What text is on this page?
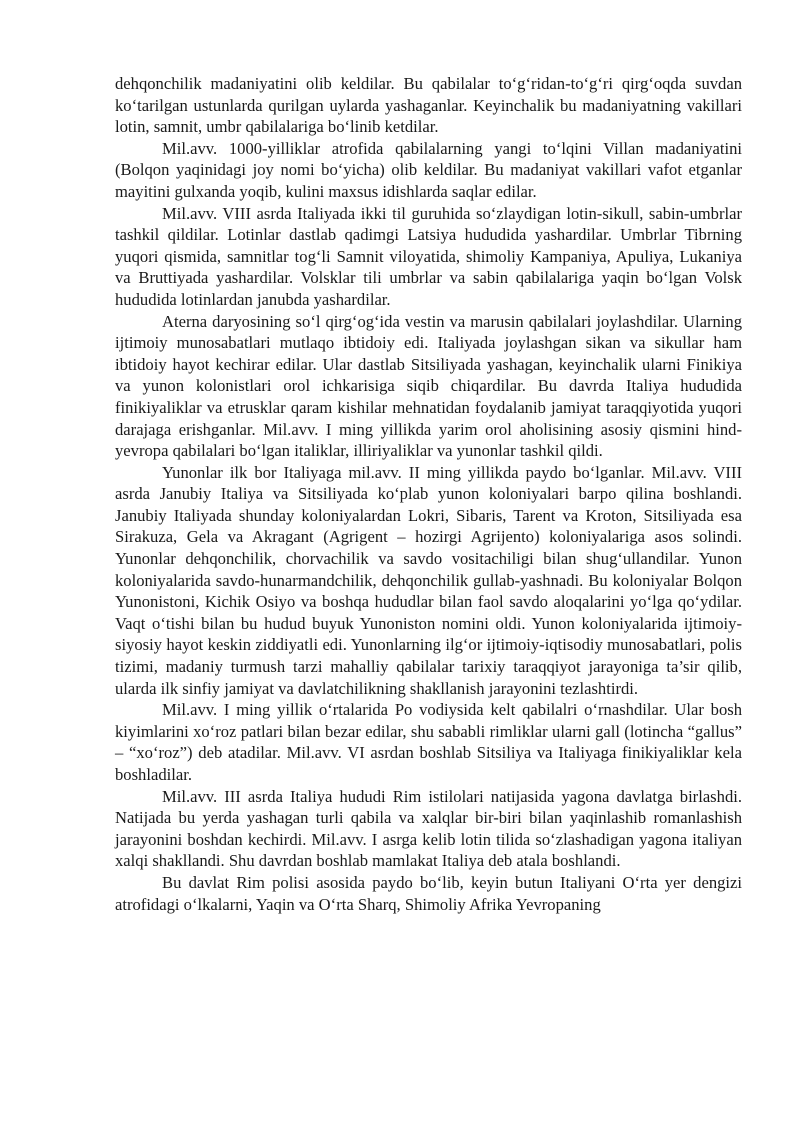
dehqonchilik madaniyatini olib keldilar. Bu qabilalar to‘g‘ridan-to‘g‘ri qirg‘oqda suvdan ko‘tarilgan ustunlarda qurilgan uylarda yashaganlar. Keyinchalik bu madaniyatning vakillari lotin, samnit, umbr qabilalariga bo‘linib ketdilar.

Mil.avv. 1000-yilliklar atrofida qabilalarning yangi to‘lqini Villan madaniyatini (Bolqon yaqinidagi joy nomi bo‘yicha) olib keldilar. Bu madaniyat vakillari vafot etganlar mayitini gulxanda yoqib, kulini maxsus idishlarda saqlar edilar.

Mil.avv. VIII asrda Italiyada ikki til guruhida so‘zlaydigan lotin-sikull, sabin-umbrlar tashkil qildilar. Lotinlar dastlab qadimgi Latsiya hududida yashardilar. Umbrlar Tibrning yuqori qismida, samnitlar tog‘li Samnit viloyatida, shimoliy Kampaniya, Apuliya, Lukaniya va Bruttiyada yashardilar. Volsklar tili umbrlar va sabin qabilalariga yaqin bo‘lgan Volsk hududida lotinlardan janubda yashardilar.

Aterna daryosining so‘l qirg‘og‘ida vestin va marusin qabilalari joylashdilar. Ularning ijtimoiy munosabatlari mutlaqo ibtidoiy edi. Italiyada joylashgan sikan va sikullar ham ibtidoiy hayot kechirar edilar. Ular dastlab Sitsiliyada yashagan, keyinchalik ularni Finikiya va yunon kolonistlari orol ichkarisiga siqib chiqardilar. Bu davrda Italiya hududida finikiyaliklar va etrusklar qaram kishilar mehnatidan foydalanib jamiyat taraqqiyotida yuqori darajaga erishganlar. Mil.avv. I ming yillikda yarim orol aholisining asosiy qismini hind-yevropa qabilalari bo‘lgan italiklar, illiriyaliklar va yunonlar tashkil qildi.

Yunonlar ilk bor Italiyaga mil.avv. II ming yillikda paydo bo‘lganlar. Mil.avv. VIII asrda Janubiy Italiya va Sitsiliyada ko‘plab yunon koloniyalari barpo qilina boshlandi. Janubiy Italiyada shunday koloniyalardan Lokri, Sibaris, Tarent va Kroton, Sitsiliyada esa Sirakuza, Gela va Akragant (Agrigent – hozirgi Agrijento) koloniyalariga asos solindi. Yunonlar dehqonchilik, chorvachilik va savdo vositachiligi bilan shug‘ullandilar. Yunon koloniyalarida savdo-hunarmandchilik, dehqonchilik gullab-yashnadi. Bu koloniyalar Bolqon Yunonistoni, Kichik Osiyo va boshqa hududlar bilan faol savdo aloqalarini yo‘lga qo‘ydilar. Vaqt o‘tishi bilan bu hudud buyuk Yunoniston nomini oldi. Yunon koloniyalarida ijtimoiy-siyosiy hayot keskin ziddiyatli edi. Yunonlarning ilg‘or ijtimoiy-iqtisodiy munosabatlari, polis tizimi, madaniy turmush tarzi mahalliy qabilalar tarixiy taraqqiyot jarayoniga ta’sir qilib, ularda ilk sinfiy jamiyat va davlatchilikning shakllanish jarayonini tezlashtirdi.

Mil.avv. I ming yillik o‘rtalarida Po vodiysida kelt qabilalri o‘rnashdilar. Ular bosh kiyimlarini xo‘roz patlari bilan bezar edilar, shu sababli rimliklar ularni gall (lotincha “gallus” – “xo‘roz”) deb atadilar. Mil.avv. VI asrdan boshlab Sitsiliya va Italiyaga finikiyaliklar kela boshladilar.

Mil.avv. III asrda Italiya hududi Rim istilolari natijasida yagona davlatga birlashdi. Natijada bu yerda yashagan turli qabila va xalqlar bir-biri bilan yaqinlashib romanlashish jarayonini boshdan kechirdi. Mil.avv. I asrga kelib lotin tilida so‘zlashadigan yagona italiyan xalqi shakllandi. Shu davrdan boshlab mamlakat Italiya deb atala boshlandi.

Bu davlat Rim polisi asosida paydo bo‘lib, keyin butun Italiyani O‘rta yer dengizi atrofidagi o‘lkalarni, Yaqin va O‘rta Sharq, Shimoliy Afrika Yevropaning
